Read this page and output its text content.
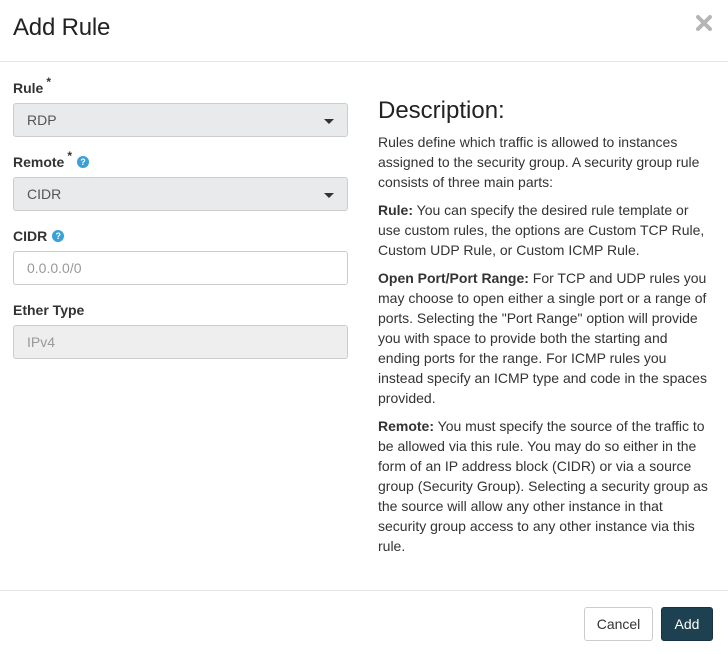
Add Rule
Rule *
RDP
Remote * ?
CIDR
CIDR ?
0.0.0.0/0
Ether Type
IPv4
Description:

Rules define which traffic is allowed to instances assigned to the security group. A security group rule consists of three main parts:

Rule: You can specify the desired rule template or use custom rules, the options are Custom TCP Rule, Custom UDP Rule, or Custom ICMP Rule.

Open Port/Port Range: For TCP and UDP rules you may choose to open either a single port or a range of ports. Selecting the "Port Range" option will provide you with space to provide both the starting and ending ports for the range. For ICMP rules you instead specify an ICMP type and code in the spaces provided.

Remote: You must specify the source of the traffic to be allowed via this rule. You may do so either in the form of an IP address block (CIDR) or via a source group (Security Group). Selecting a security group as the source will allow any other instance in that security group access to any other instance via this rule.

Cancel	Add
